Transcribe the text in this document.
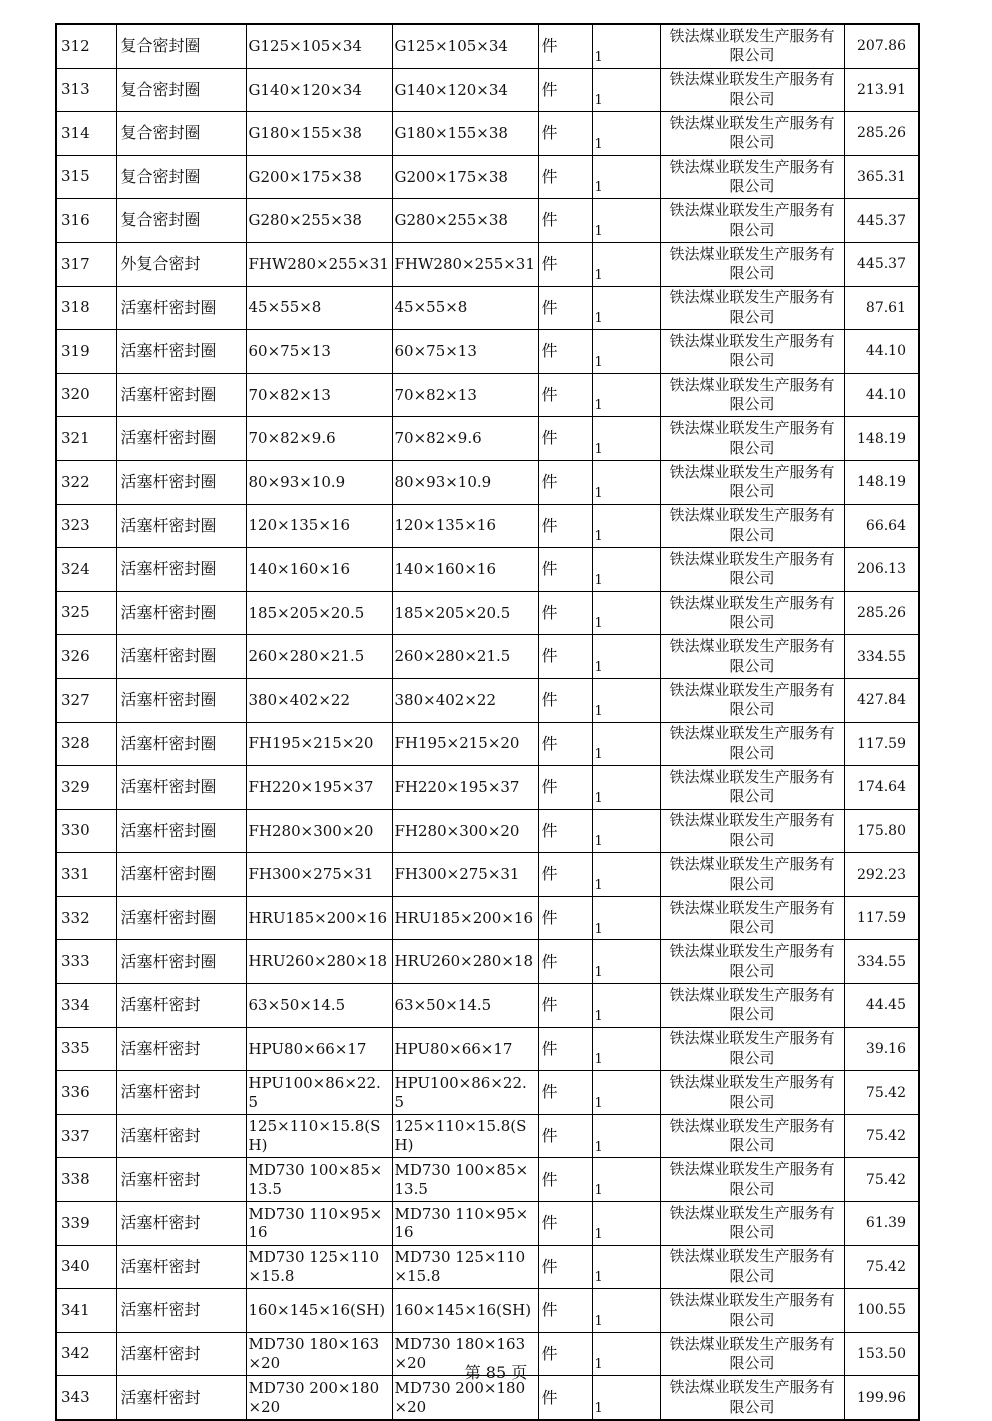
312	复合密封圈	G125×105×34	G125×105×34	件	1	铁法煤业联发生产服务有限公司	207.86
313	复合密封圈	G140×120×34	G140×120×34	件	1	铁法煤业联发生产服务有限公司	213.91
314	复合密封圈	G180×155×38	G180×155×38	件	1	铁法煤业联发生产服务有限公司	285.26
315	复合密封圈	G200×175×38	G200×175×38	件	1	铁法煤业联发生产服务有限公司	365.31
316	复合密封圈	G280×255×38	G280×255×38	件	1	铁法煤业联发生产服务有限公司	445.37
317	外复合密封	FHW280×255×31	FHW280×255×31	件	1	铁法煤业联发生产服务有限公司	445.37
318	活塞杆密封圈	45×55×8	45×55×8	件	1	铁法煤业联发生产服务有限公司	87.61
319	活塞杆密封圈	60×75×13	60×75×13	件	1	铁法煤业联发生产服务有限公司	44.10
320	活塞杆密封圈	70×82×13	70×82×13	件	1	铁法煤业联发生产服务有限公司	44.10
321	活塞杆密封圈	70×82×9.6	70×82×9.6	件	1	铁法煤业联发生产服务有限公司	148.19
322	活塞杆密封圈	80×93×10.9	80×93×10.9	件	1	铁法煤业联发生产服务有限公司	148.19
323	活塞杆密封圈	120×135×16	120×135×16	件	1	铁法煤业联发生产服务有限公司	66.64
324	活塞杆密封圈	140×160×16	140×160×16	件	1	铁法煤业联发生产服务有限公司	206.13
325	活塞杆密封圈	185×205×20.5	185×205×20.5	件	1	铁法煤业联发生产服务有限公司	285.26
326	活塞杆密封圈	260×280×21.5	260×280×21.5	件	1	铁法煤业联发生产服务有限公司	334.55
327	活塞杆密封圈	380×402×22	380×402×22	件	1	铁法煤业联发生产服务有限公司	427.84
328	活塞杆密封圈	FH195×215×20	FH195×215×20	件	1	铁法煤业联发生产服务有限公司	117.59
329	活塞杆密封圈	FH220×195×37	FH220×195×37	件	1	铁法煤业联发生产服务有限公司	174.64
330	活塞杆密封圈	FH280×300×20	FH280×300×20	件	1	铁法煤业联发生产服务有限公司	175.80
331	活塞杆密封圈	FH300×275×31	FH300×275×31	件	1	铁法煤业联发生产服务有限公司	292.23
332	活塞杆密封圈	HRU185×200×16	HRU185×200×16	件	1	铁法煤业联发生产服务有限公司	117.59
333	活塞杆密封圈	HRU260×280×18	HRU260×280×18	件	1	铁法煤业联发生产服务有限公司	334.55
334	活塞杆密封	63×50×14.5	63×50×14.5	件	1	铁法煤业联发生产服务有限公司	44.45
335	活塞杆密封	HPU80×66×17	HPU80×66×17	件	1	铁法煤业联发生产服务有限公司	39.16
336	活塞杆密封	HPU100×86×22.5	HPU100×86×22.5	件	1	铁法煤业联发生产服务有限公司	75.42
337	活塞杆密封	125×110×15.8(SH)	125×110×15.8(SH)	件	1	铁法煤业联发生产服务有限公司	75.42
338	活塞杆密封	MD730 100×85×13.5	MD730 100×85×13.5	件	1	铁法煤业联发生产服务有限公司	75.42
339	活塞杆密封	MD730 110×95×16	MD730 110×95×16	件	1	铁法煤业联发生产服务有限公司	61.39
340	活塞杆密封	MD730 125×110×15.8	MD730 125×110×15.8	件	1	铁法煤业联发生产服务有限公司	75.42
341	活塞杆密封	160×145×16(SH)	160×145×16(SH)	件	1	铁法煤业联发生产服务有限公司	100.55
342	活塞杆密封	MD730 180×163×20	MD730 180×163×20	件	1	铁法煤业联发生产服务有限公司	153.50
343	活塞杆密封	MD730 200×180×20	MD730 200×180×20	件	1	铁法煤业联发生产服务有限公司	199.96
第 85 页
